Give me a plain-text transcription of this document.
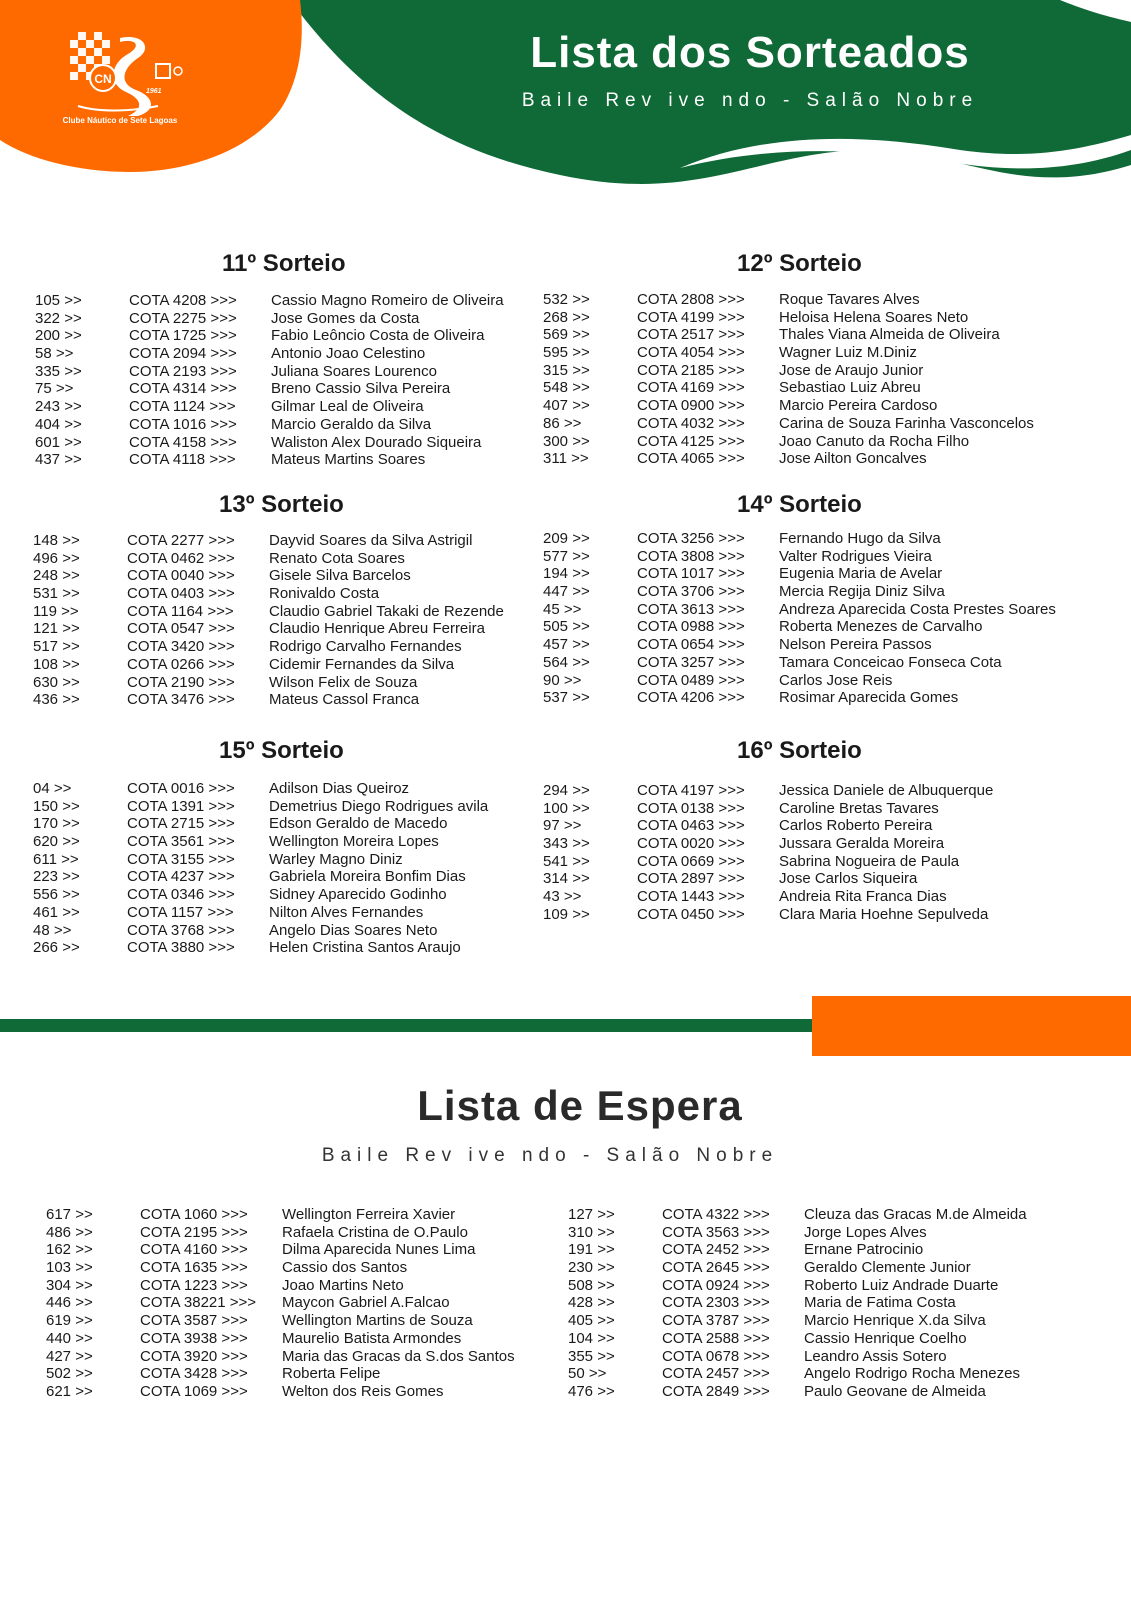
CN
1961
Clube Náutico de Sete Lagoas
Lista dos Sorteados
Baile Rev ive ndo - Salão Nobre
11º Sorteio
105 >>	COTA 4208 >>> Cassio Magno Romeiro de Oliveira
322 >>	COTA 2275 >>> Jose Gomes da Costa
200 >>	COTA 1725 >>> Fabio Leôncio Costa de Oliveira
58 >>	COTA 2094 >>> Antonio Joao Celestino
335 >>	COTA 2193 >>> Juliana Soares Lourenco
75 >>	COTA 4314 >>> Breno Cassio Silva Pereira
243 >>	COTA 1124 >>> Gilmar Leal de Oliveira
404 >>	COTA 1016 >>> Marcio Geraldo da Silva
601 >>	COTA 4158 >>> Waliston Alex Dourado Siqueira
437 >>	COTA 4118 >>> Mateus Martins Soares
12º Sorteio
532 >>	COTA 2808 >>> Roque Tavares Alves
268 >>	COTA 4199 >>> Heloisa Helena Soares Neto
569 >>	COTA 2517 >>> Thales Viana Almeida de Oliveira
595 >>	COTA 4054 >>> Wagner Luiz M.Diniz
315 >>	COTA 2185 >>> Jose de Araujo Junior
548 >>	COTA 4169 >>> Sebastiao Luiz Abreu
407 >>	COTA 0900 >>> Marcio Pereira Cardoso
86 >>	COTA 4032 >>> Carina de Souza Farinha Vasconcelos
300 >>	COTA 4125 >>> Joao Canuto da Rocha Filho
311 >>	COTA 4065 >>> Jose Ailton Goncalves
13º Sorteio
148 >>	COTA 2277 >>> Dayvid Soares da Silva Astrigil
496 >>	COTA 0462 >>> Renato Cota Soares
248 >>	COTA 0040 >>> Gisele Silva Barcelos
531 >>	COTA 0403 >>> Ronivaldo Costa
119 >>	COTA 1164 >>> Claudio Gabriel Takaki de Rezende
121 >>	COTA 0547 >>> Claudio Henrique Abreu Ferreira
517 >>	COTA 3420 >>> Rodrigo Carvalho Fernandes
108 >>	COTA 0266 >>> Cidemir Fernandes da Silva
630 >>	COTA 2190 >>> Wilson Felix de Souza
436 >>	COTA 3476 >>> Mateus Cassol Franca
14º Sorteio
209 >>	COTA 3256 >>> Fernando Hugo da Silva
577 >>	COTA 3808 >>> Valter Rodrigues Vieira
194 >>	COTA 1017 >>> Eugenia Maria de Avelar
447 >>	COTA 3706 >>> Mercia Regija Diniz Silva
45 >>	COTA 3613 >>> Andreza Aparecida Costa Prestes Soares
505 >>	COTA 0988 >>> Roberta Menezes de Carvalho
457 >>	COTA 0654 >>> Nelson Pereira Passos
564 >>	COTA 3257 >>> Tamara Conceicao Fonseca Cota
90 >>	COTA 0489 >>> Carlos Jose Reis
537 >>	COTA 4206 >>> Rosimar Aparecida Gomes
15º Sorteio
04 >>	COTA 0016 >>> Adilson Dias Queiroz
150 >>	COTA 1391 >>> Demetrius Diego Rodrigues avila
170 >>	COTA 2715 >>> Edson Geraldo de Macedo
620 >>	COTA 3561 >>> Wellington Moreira Lopes
611 >>	COTA 3155 >>> Warley Magno Diniz
223 >>	COTA 4237 >>> Gabriela Moreira Bonfim Dias
556 >>	COTA 0346 >>> Sidney Aparecido Godinho
461 >>	COTA 1157 >>> Nilton Alves Fernandes
48 >>	COTA 3768 >>> Angelo Dias Soares Neto
266 >>	COTA 3880 >>> Helen Cristina Santos Araujo
16º Sorteio
294 >>	COTA 4197 >>> Jessica Daniele de Albuquerque
100 >>	COTA 0138 >>> Caroline Bretas Tavares
97 >>	COTA 0463 >>> Carlos Roberto Pereira
343 >>	COTA 0020 >>> Jussara Geralda Moreira
541 >>	COTA 0669 >>> Sabrina Nogueira de Paula
314 >>	COTA 2897 >>> Jose Carlos Siqueira
43 >>	COTA 1443 >>> Andreia Rita Franca Dias
109 >>	COTA 0450 >>> Clara Maria Hoehne Sepulveda
Lista de Espera
Baile Rev ive ndo - Salão Nobre
617 >>	COTA 1060 >>> Wellington Ferreira Xavier
486 >>	COTA 2195 >>> Rafaela Cristina de O.Paulo
162 >>	COTA 4160 >>> Dilma Aparecida Nunes Lima
103 >>	COTA 1635 >>> Cassio dos Santos
304 >>	COTA 1223 >>> Joao Martins Neto
446 >>	COTA 38221 >>> Maycon Gabriel A.Falcao
619 >>	COTA 3587 >>> Wellington Martins de Souza
440 >>	COTA 3938 >>> Maurelio Batista Armondes
427 >>	COTA 3920 >>> Maria das Gracas da S.dos Santos
502 >>	COTA 3428 >>> Roberta Felipe
621 >>	COTA 1069 >>> Welton dos Reis Gomes
127 >>	COTA 4322 >>> Cleuza das Gracas M.de Almeida
310 >>	COTA 3563 >>> Jorge Lopes Alves
191 >>	COTA 2452 >>> Ernane Patrocinio
230 >>	COTA 2645 >>> Geraldo Clemente Junior
508 >>	COTA 0924 >>> Roberto Luiz Andrade Duarte
428 >>	COTA 2303 >>> Maria de Fatima Costa
405 >>	COTA 3787 >>> Marcio Henrique X.da Silva
104 >>	COTA 2588 >>> Cassio Henrique Coelho
355 >>	COTA 0678 >>> Leandro Assis Sotero
50 >>	COTA 2457 >>> Angelo Rodrigo Rocha Menezes
476 >>	COTA 2849 >>> Paulo Geovane de Almeida
